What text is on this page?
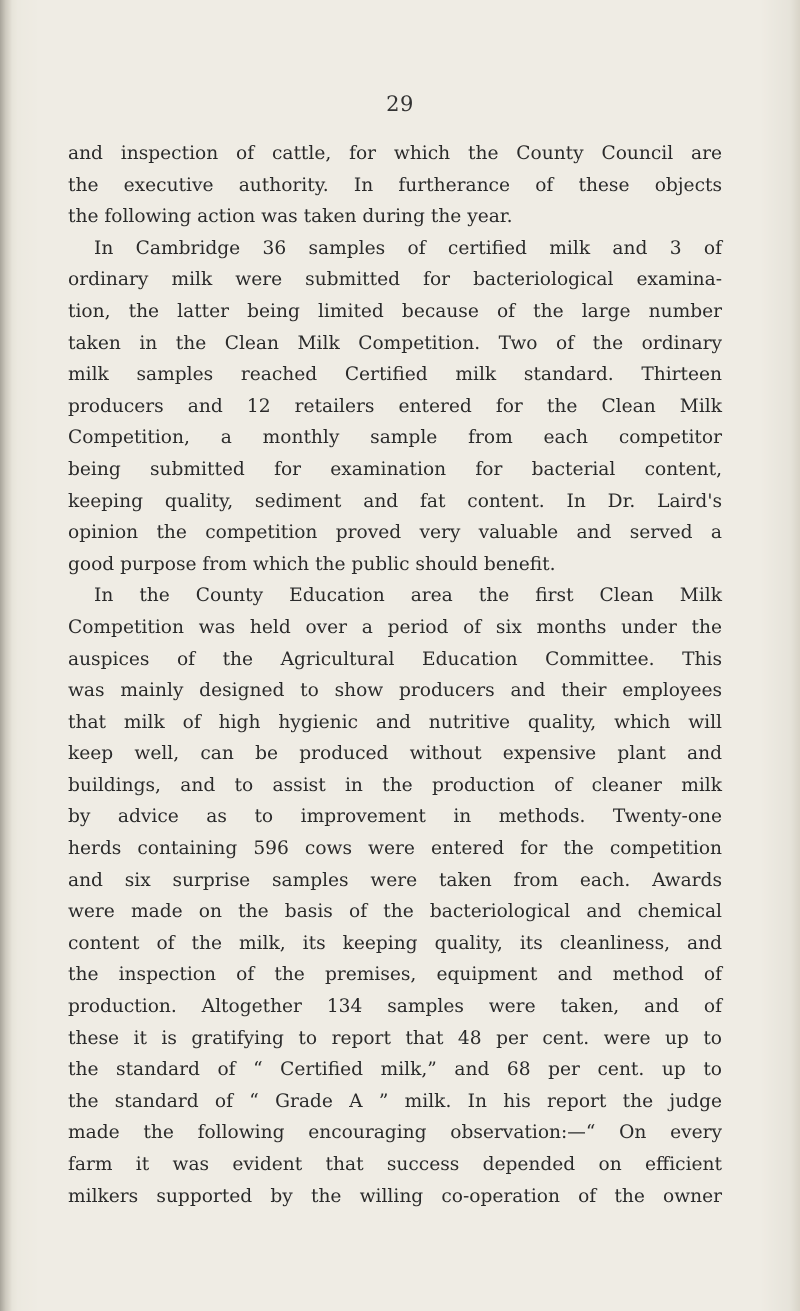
29
and inspection of cattle, for which the County Council are
the executive authority. In furtherance of these objects
the following action was taken during the year.
In Cambridge 36 samples of certified milk and 3 of
ordinary milk were submitted for bacteriological examina-
tion, the latter being limited because of the large number
taken in the Clean Milk Competition. Two of the ordinary
milk samples reached Certified milk standard. Thirteen
producers and 12 retailers entered for the Clean Milk
Competition, a monthly sample from each competitor
being submitted for examination for bacterial content,
keeping quality, sediment and fat content. In Dr. Laird's
opinion the competition proved very valuable and served a
good purpose from which the public should benefit.
In the County Education area the first Clean Milk
Competition was held over a period of six months under the
auspices of the Agricultural Education Committee. This
was mainly designed to show producers and their employees
that milk of high hygienic and nutritive quality, which will
keep well, can be produced without expensive plant and
buildings, and to assist in the production of cleaner milk
by advice as to improvement in methods. Twenty-one
herds containing 596 cows were entered for the competition
and six surprise samples were taken from each. Awards
were made on the basis of the bacteriological and chemical
content of the milk, its keeping quality, its cleanliness, and
the inspection of the premises, equipment and method of
production. Altogether 134 samples were taken, and of
these it is gratifying to report that 48 per cent. were up to
the standard of “ Certified milk,” and 68 per cent. up to
the standard of “ Grade A ” milk. In his report the judge
made the following encouraging observation:—“ On every
farm it was evident that success depended on efficient
milkers supported by the willing co-operation of the owner
